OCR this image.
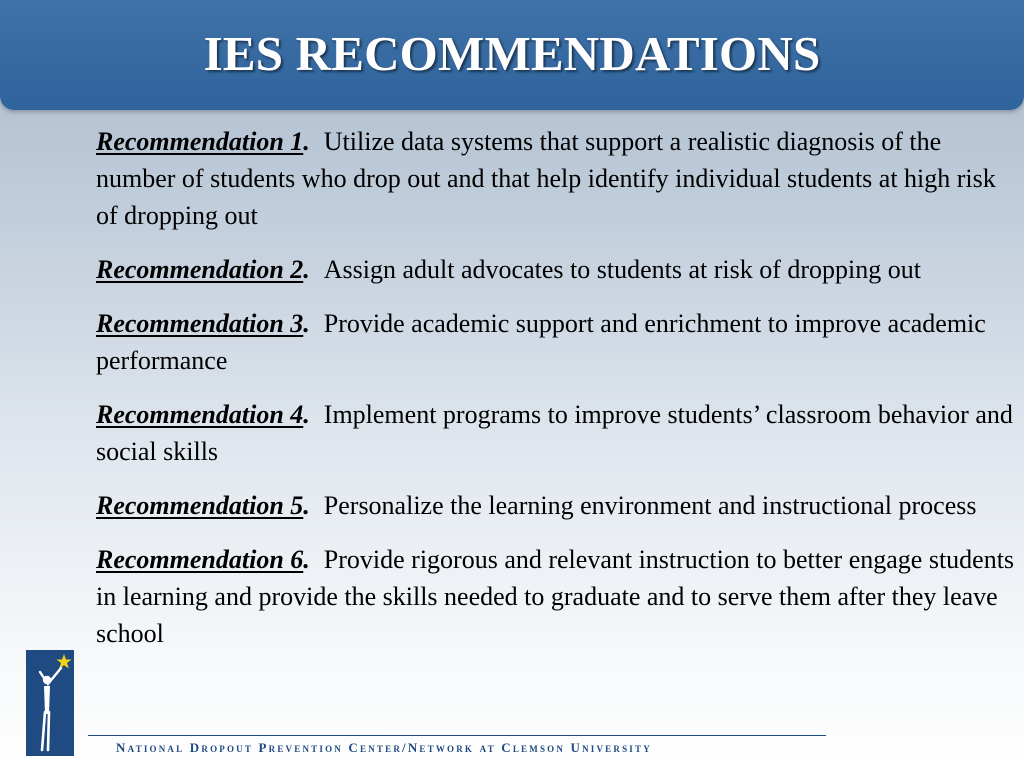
IES RECOMMENDATIONS

Recommendation 1. Utilize data systems that support a realistic diagnosis of the number of students who drop out and that help identify individual students at high risk of dropping out

Recommendation 2. Assign adult advocates to students at risk of dropping out

Recommendation 3. Provide academic support and enrichment to improve academic performance

Recommendation 4. Implement programs to improve students’ classroom behavior and social skills

Recommendation 5. Personalize the learning environment and instructional process

Recommendation 6. Provide rigorous and relevant instruction to better engage students in learning and provide the skills needed to graduate and to serve them after they leave school

National Dropout Prevention Center/Network at Clemson University
